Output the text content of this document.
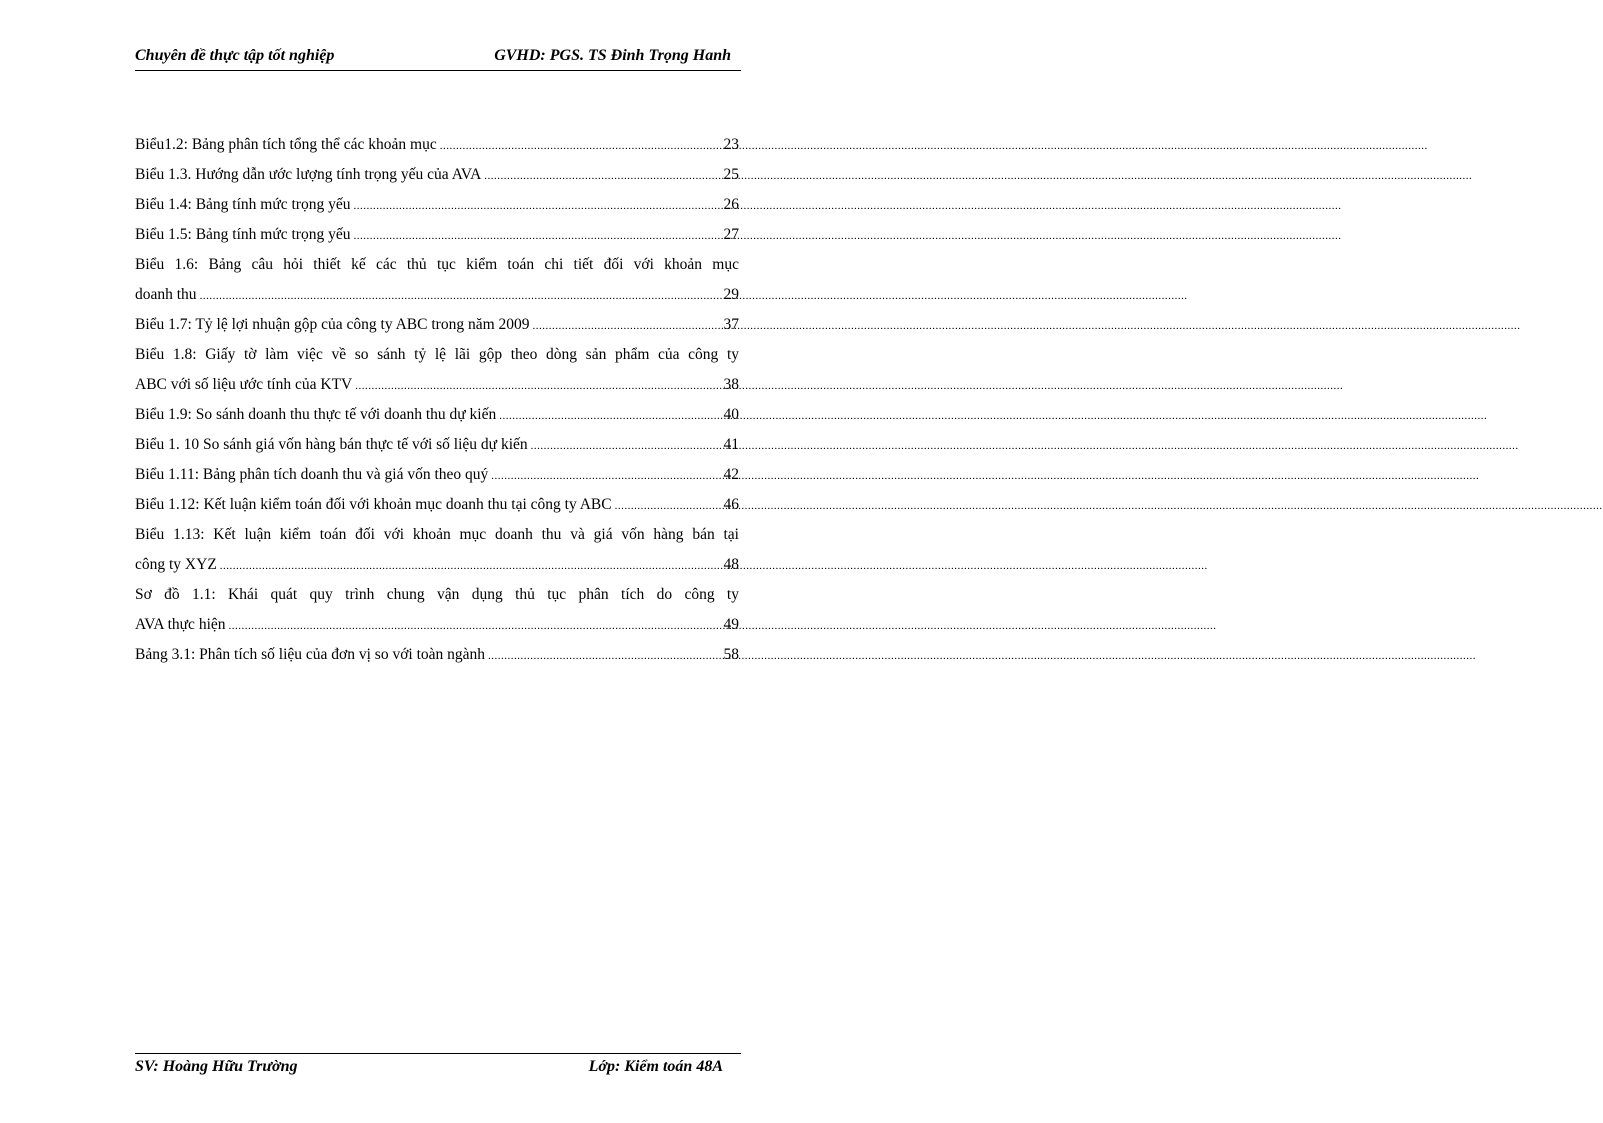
Chuyên đề thực tập tốt nghiệp	GVHD: PGS. TS Đinh Trọng Hanh
Biểu1.2: Bảng phân tích tổng thể các khoản mục .....	23
Biểu 1.3. Hướng dẫn ước lượng tính trọng yếu của AVA .....	25
Biểu 1.4: Bảng tính mức trọng yếu .....	26
Biểu 1.5: Bảng tính mức trọng yếu .....	27
Biểu 1.6: Bảng câu hỏi thiết kế các thủ tục kiểm toán chi tiết đối với khoản mục
doanh thu .....	29
Biểu 1.7: Tỷ lệ lợi nhuận gộp của công ty ABC trong năm 2009 .....	37
Biểu 1.8: Giấy tờ làm việc về so sánh tỷ lệ lãi gộp theo dòng sản phẩm của công ty
ABC với số liệu ước tính của KTV .....	38
Biểu 1.9: So sánh doanh thu thực tế với doanh thu dự kiến .....	40
Biểu 1. 10 So sánh giá vốn hàng bán thực tế với số liệu dự kiến .....	41
Biểu 1.11: Bảng phân tích doanh thu và giá vốn theo quý .....	42
Biểu 1.12: Kết luận kiểm toán đối với khoản mục doanh thu tại công ty ABC .....	46
Biểu 1.13: Kết luận kiểm toán đối với khoản mục doanh thu và giá vốn hàng bán tại
công ty XYZ .....	48
Sơ đồ 1.1: Khái quát quy trình chung vận dụng thủ tục phân tích do công ty
AVA thực hiện .....	49
Bảng 3.1: Phân tích số liệu của đơn vị so với toàn ngành .....	58
SV: Hoàng Hữu Trường	Lớp: Kiểm toán 48A
